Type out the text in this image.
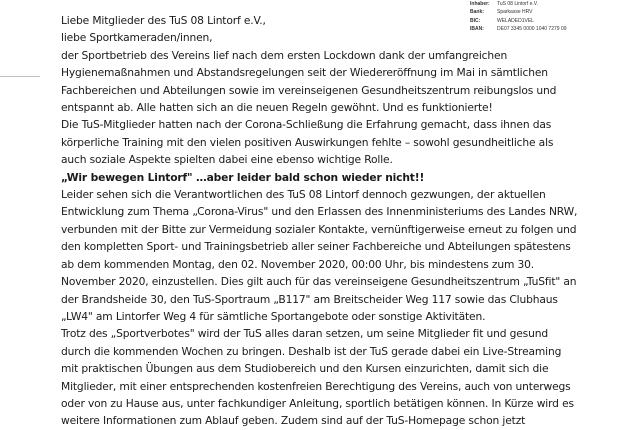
Inhaber:	TuS 08 Lintorf e.V.
Bank:	Sparkasse HRV
BIC:	WELADED1VEL
IBAN:	DE07 3345 0000 1040 7279 09

Liebe Mitglieder des TuS 08 Lintorf e.V.,

liebe Sportkameraden/innen,

der Sportbetrieb des Vereins lief nach dem ersten Lockdown dank der umfangreichen

Hygienemaßnahmen und Abstandsregelungen seit der Wiedereröffnung im Mai in sämtlichen

Fachbereichen und Abteilungen sowie im vereinseigenen Gesundheitszentrum reibungslos und

entspannt ab. Alle hatten sich an die neuen Regeln gewöhnt. Und es funktionierte!

Die TuS-Mitglieder hatten nach der Corona-Schließung die Erfahrung gemacht, dass ihnen das

körperliche Training mit den vielen positiven Auswirkungen fehlte – sowohl gesundheitliche als

auch soziale Aspekte spielten dabei eine ebenso wichtige Rolle.

„Wir bewegen Lintorf" …aber leider bald schon wieder nicht!!

Leider sehen sich die Verantwortlichen des TuS 08 Lintorf dennoch gezwungen, der aktuellen

Entwicklung zum Thema „Corona-Virus" und den Erlassen des Innenministeriums des Landes NRW,

verbunden mit der Bitte zur Vermeidung sozialer Kontakte, vernünftigerweise erneut zu folgen und

den kompletten Sport- und Trainingsbetrieb aller seiner Fachbereiche und Abteilungen spätestens

ab dem kommenden Montag, den 02. November 2020, 00:00 Uhr, bis mindestens zum 30.

November 2020, einzustellen. Dies gilt auch für das vereinseigene Gesundheitszentrum „TuSfit" an

der Brandsheide 30, den TuS-Sportraum „B117" am Breitscheider Weg 117 sowie das Clubhaus

„LW4" am Lintorfer Weg 4 für sämtliche Sportangebote oder sonstige Aktivitäten.

Trotz des „Sportverbotes" wird der TuS alles daran setzen, um seine Mitglieder fit und gesund

durch die kommenden Wochen zu bringen. Deshalb ist der TuS gerade dabei ein Live-Streaming

mit praktischen Übungen aus dem Studiobereich und den Kursen einzurichten, damit sich die

Mitglieder, mit einer entsprechenden kostenfreien Berechtigung des Vereins, auch von unterwegs

oder von zu Hause aus, unter fachkundiger Anleitung, sportlich betätigen können. In Kürze wird es

weitere Informationen zum Ablauf geben. Zudem sind auf der TuS-Homepage schon jetzt
